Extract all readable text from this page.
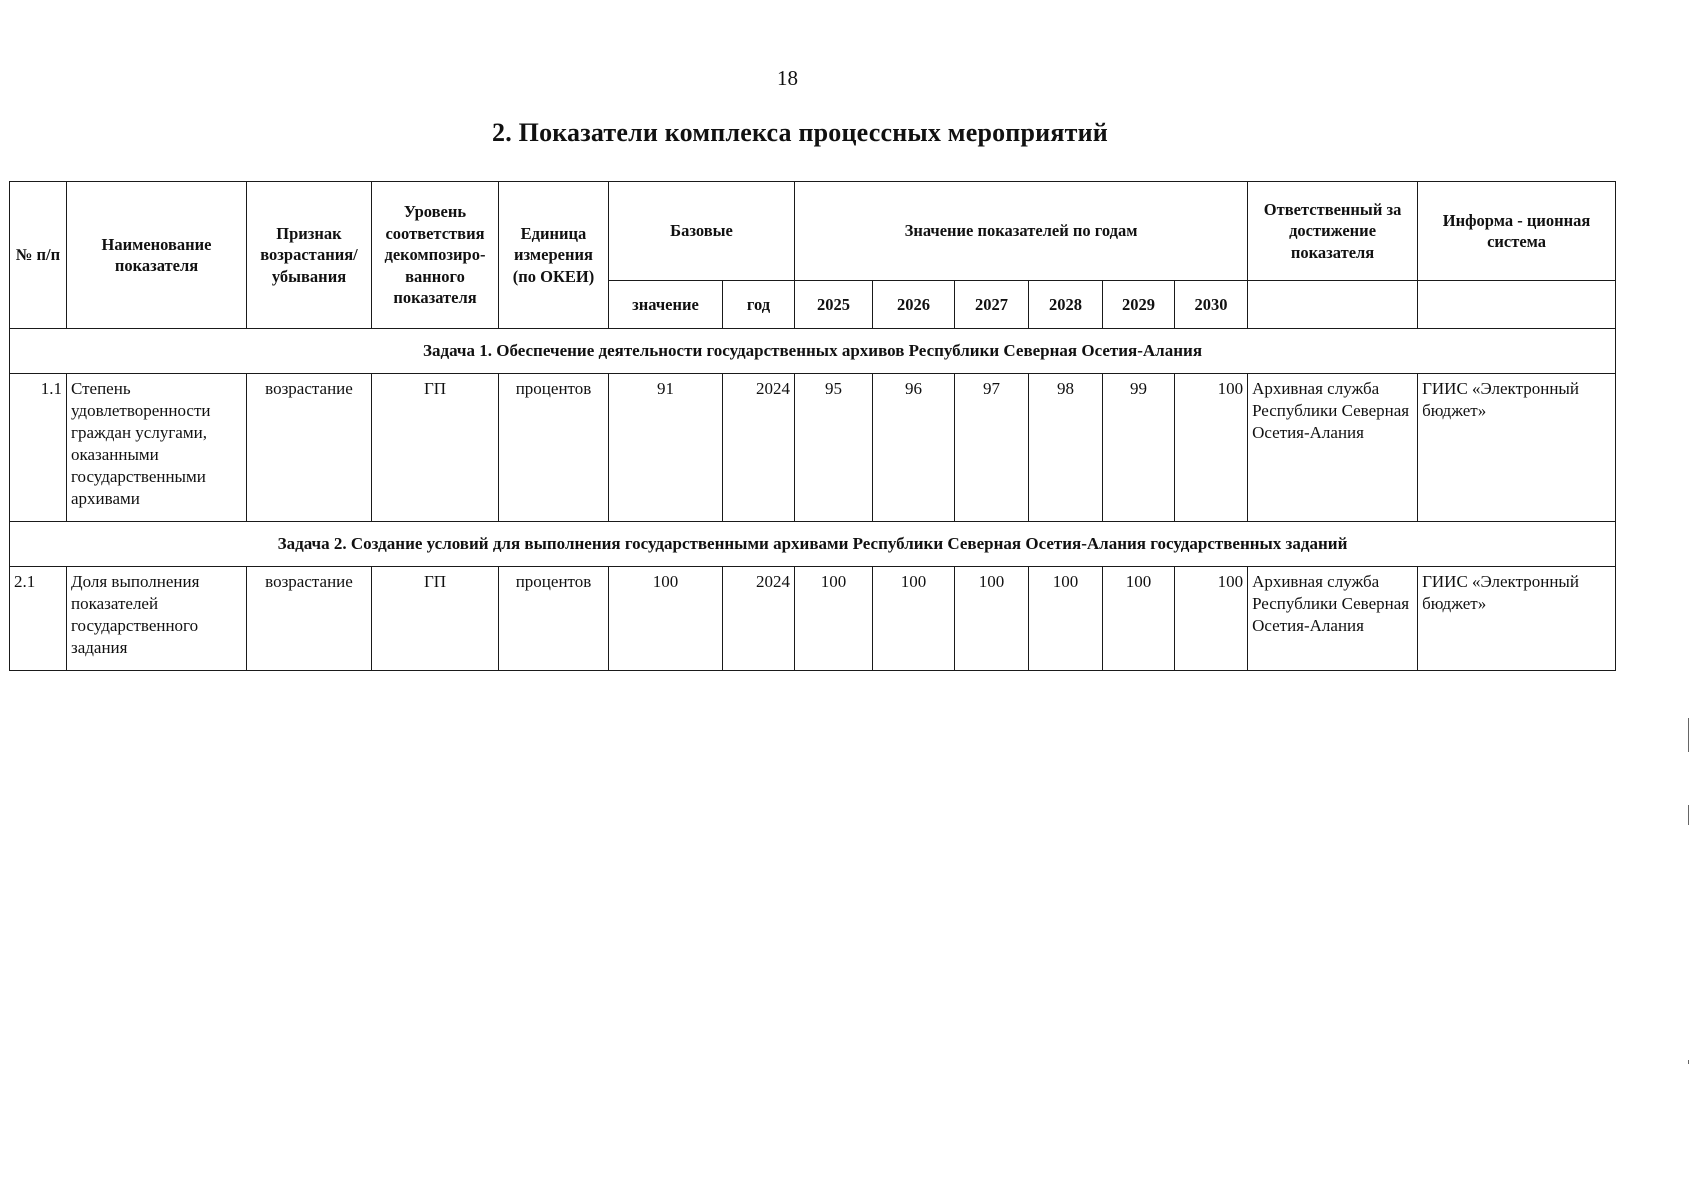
18
2. Показатели комплекса процессных мероприятий
№ п/п	Наименование показателя	Признак возрастания/ убывания	Уровень соответствия декомпозиро-ванного показателя	Единица измерения (по ОКЕИ)	Базовые		Значение показателей по годам						Ответственный за достижение показателя	Информа - ционная система
					значение	год	2025	2026	2027	2028	2029	2030		
Задача 1. Обеспечение деятельности государственных архивов Республики Северная Осетия-Алания														
1.1	Степень удовлетворенности граждан услугами, оказанными государственными архивами	возрастание	ГП	процентов	91	2024	95	96	97	98	99	100	Архивная служба Республики Северная Осетия-Алания	ГИИС «Электронный бюджет»
Задача 2. Создание условий для выполнения государственными архивами Республики Северная Осетия-Алания государственных заданий														
2.1	Доля выполнения показателей государственного задания	возрастание	ГП	процентов	100	2024	100	100	100	100	100	100	Архивная служба Республики Северная Осетия-Алания	ГИИС «Электронный бюджет»
